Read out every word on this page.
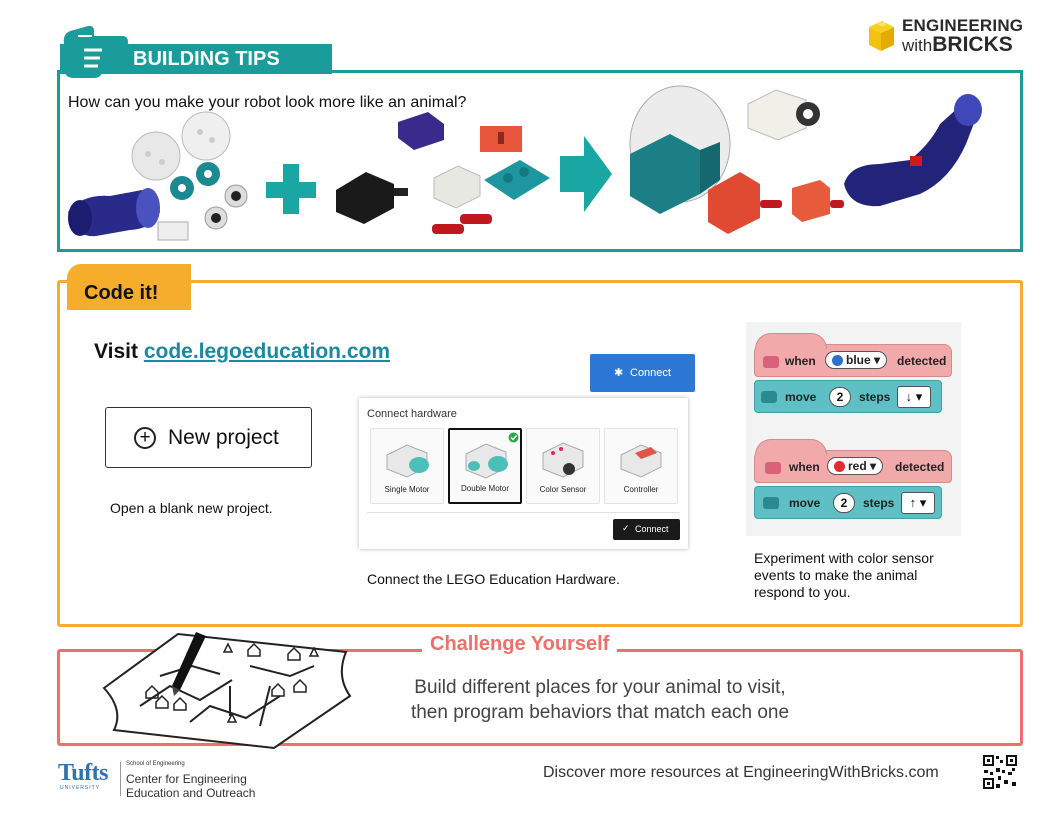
ENGINEERING
withBRICKS
BUILDING TIPS
How can you make your robot look more like an animal?
Code it!
Visit code.legoeducation.com
+ New project
Open a blank new project.
✱ Connect
Connect hardware
Single Motor	Double Motor	Color Sensor	Controller
✓ Connect
Connect the LEGO Education Hardware.
when	blue ▾	detected
move	2	steps	↓ ▾
when	red ▾	detected
move	2	steps	↑ ▾
Experiment with color sensor events to make the animal respond to you.
Challenge Yourself
Build different places for your animal to visit,
then program behaviors that match each one
Tufts
UNIVERSITY
School of Engineering
Center for Engineering
Education and Outreach
Discover more resources at EngineeringWithBricks.com
